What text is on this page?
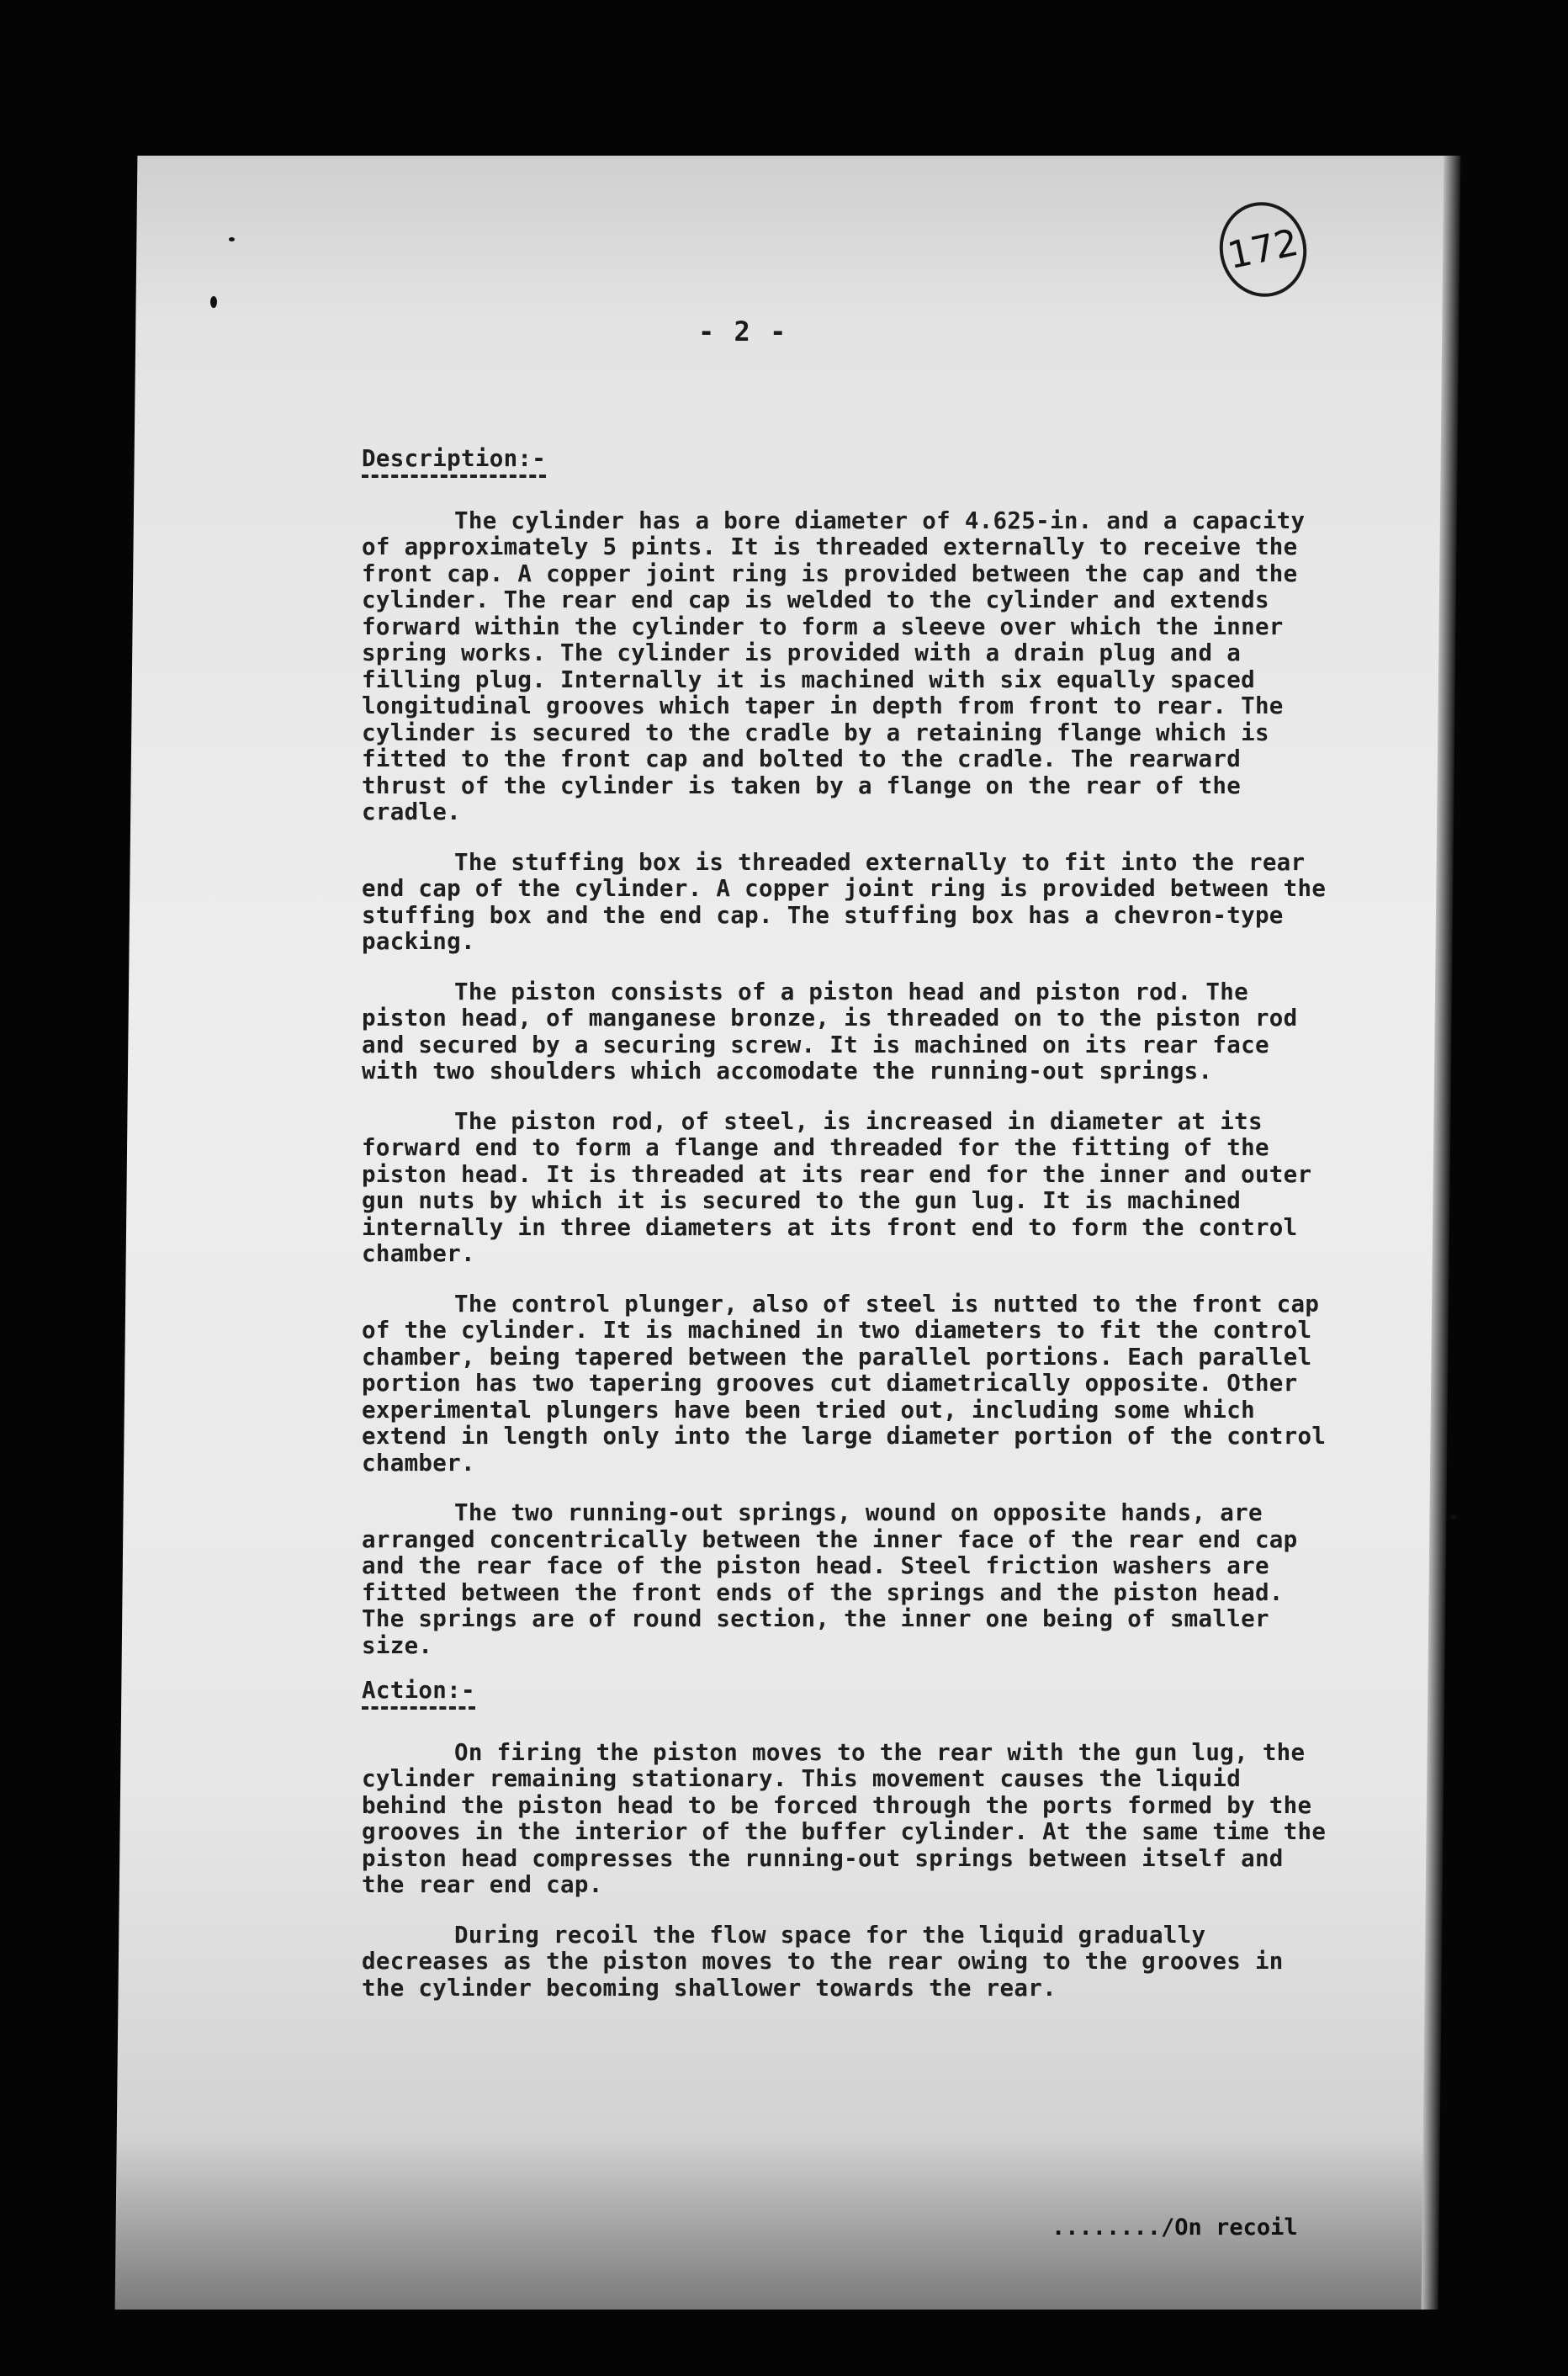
172
- 2 -
Description:-

The cylinder has a bore diameter of 4.625-in. and a capacity of approximately 5 pints. It is threaded externally to receive the front cap. A copper joint ring is provided between the cap and the cylinder. The rear end cap is welded to the cylinder and extends forward within the cylinder to form a sleeve over which the inner spring works. The cylinder is provided with a drain plug and a filling plug. Internally it is machined with six equally spaced longitudinal grooves which taper in depth from front to rear. The cylinder is secured to the cradle by a retaining flange which is fitted to the front cap and bolted to the cradle. The rearward thrust of the cylinder is taken by a flange on the rear of the cradle.

The stuffing box is threaded externally to fit into the rear end cap of the cylinder. A copper joint ring is provided between the stuffing box and the end cap. The stuffing box has a chevron-type packing.

The piston consists of a piston head and piston rod. The piston head, of manganese bronze, is threaded on to the piston rod and secured by a securing screw. It is machined on its rear face with two shoulders which accomodate the running-out springs.

The piston rod, of steel, is increased in diameter at its forward end to form a flange and threaded for the fitting of the piston head. It is threaded at its rear end for the inner and outer gun nuts by which it is secured to the gun lug. It is machined internally in three diameters at its front end to form the control chamber.

The control plunger, also of steel is nutted to the front cap of the cylinder. It is machined in two diameters to fit the control chamber, being tapered between the parallel portions. Each parallel portion has two tapering grooves cut diametrically opposite. Other experimental plungers have been tried out, including some which extend in length only into the large diameter portion of the control chamber.

The two running-out springs, wound on opposite hands, are arranged concentrically between the inner face of the rear end cap and the rear face of the piston head. Steel friction washers are fitted between the front ends of the springs and the piston head. The springs are of round section, the inner one being of smaller size.

Action:-

On firing the piston moves to the rear with the gun lug, the cylinder remaining stationary. This movement causes the liquid behind the piston head to be forced through the ports formed by the grooves in the interior of the buffer cylinder. At the same time the piston head compresses the running-out springs between itself and the rear end cap.

During recoil the flow space for the liquid gradually decreases as the piston moves to the rear owing to the grooves in the cylinder becoming shallower towards the rear.

......../On recoil
